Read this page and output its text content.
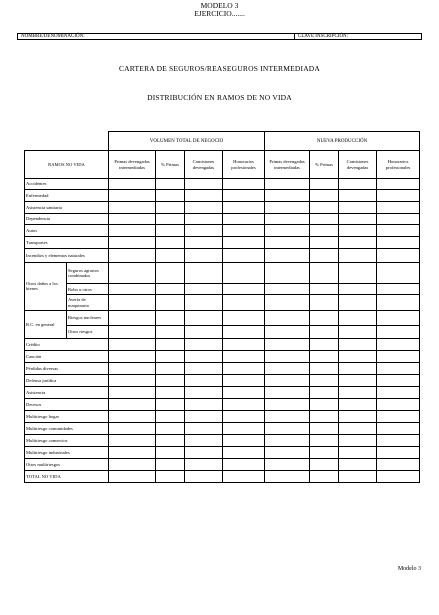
MODELO 3
EJERCICIO.......
NOMBRE/DENOMINACIÓN:	CLAVE INSCRIPCIÓN:
CARTERA DE SEGUROS/REASEGUROS INTERMEDIADA
DISTRIBUCIÓN EN RAMOS DE NO VIDA
		VOLUMEN TOTAL DE NEGOCIO				NUEVA PRODUCCIÓN			
RAMOS NO VIDA		Primas devengadas intermediadas	% Primas	Comisiones devengadas	Honorarios profesionales	Primas devengadas intermediadas	% Primas	Comisiones devengadas	Honorarios profesionales
Accidentes									
Enfermedad									
Asistencia sanitaria									
Dependencia									
Autos									
Transportes									
Incendios y elementos naturales									
Otros daños a los bienes	Seguros agrarios combinados								
	Robo u otros								
	Avería de maquinaria								
R.C. en general	Riesgos nucleares								
	Otros riesgos								
Crédito									
Caución									
Pérdidas diversas									
Defensa jurídica									
Asistencia									
Decesos									
Multiriesgo hogar									
Multiriesgo comunidades									
Multiriesgo comercios									
Multiriesgo industriales									
Otros multiriesgos									
TOTAL NO VIDA									
Modelo 3
